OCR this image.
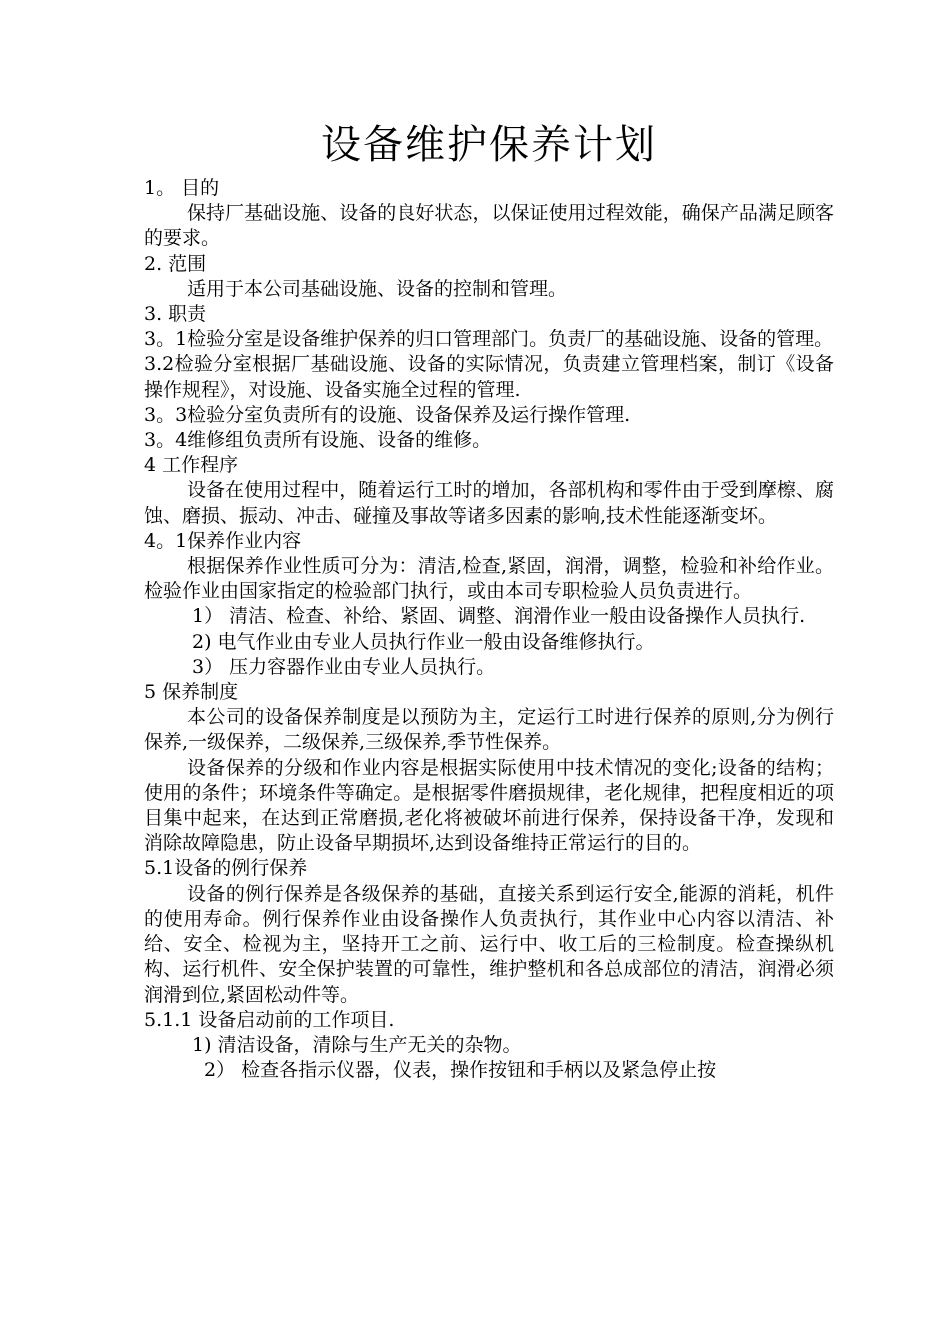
设备维护保养计划

1。 目的

保持厂基础设施、设备的良好状态，以保证使用过程效能，确保产品满足顾客的要求。

2. 范围

适用于本公司基础设施、设备的控制和管理。

3. 职责

3。1检验分室是设备维护保养的归口管理部门。负责厂的基础设施、设备的管理。

3.2检验分室根据厂基础设施、设备的实际情况，负责建立管理档案，制订《设备操作规程》，对设施、设备实施全过程的管理.

3。3检验分室负责所有的设施、设备保养及运行操作管理.

3。4维修组负责所有设施、设备的维修。

4 工作程序

设备在使用过程中，随着运行工时的增加，各部机构和零件由于受到摩檫、腐蚀、磨损、振动、冲击、碰撞及事故等诸多因素的影响,技术性能逐渐变坏。

4。1保养作业内容

根据保养作业性质可分为：清洁,检查,紧固，润滑，调整，检验和补给作业。检验作业由国家指定的检验部门执行，或由本司专职检验人员负责进行。

1） 清洁、检查、补给、紧固、调整、润滑作业一般由设备操作人员执行.

2) 电气作业由专业人员执行作业一般由设备维修执行。

3） 压力容器作业由专业人员执行。

5 保养制度

本公司的设备保养制度是以预防为主，定运行工时进行保养的原则,分为例行保养,一级保养，二级保养,三级保养,季节性保养。

设备保养的分级和作业内容是根据实际使用中技术情况的变化;设备的结构；使用的条件；环境条件等确定。是根据零件磨损规律，老化规律，把程度相近的项目集中起来，在达到正常磨损,老化将被破坏前进行保养，保持设备干净，发现和消除故障隐患，防止设备早期损坏,达到设备维持正常运行的目的。

5.1设备的例行保养

设备的例行保养是各级保养的基础，直接关系到运行安全,能源的消耗，机件的使用寿命。例行保养作业由设备操作人负责执行，其作业中心内容以清洁、补给、安全、检视为主，坚持开工之前、运行中、收工后的三检制度。检查操纵机构、运行机件、安全保护装置的可靠性，维护整机和各总成部位的清洁，润滑必须润滑到位,紧固松动件等。

5.1.1 设备启动前的工作项目.

1) 清洁设备，清除与生产无关的杂物。

2） 检查各指示仪器，仪表，操作按钮和手柄以及紧急停止按
